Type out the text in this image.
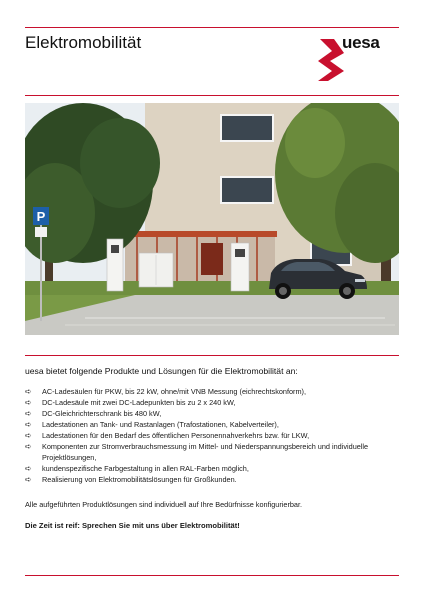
Elektromobilität	uesa
P
uesa bietet folgende Produkte und Lösungen für die Elektromobilität an:
➪ AC-Ladesäulen für PKW, bis 22 kW, ohne/mit VNB Messung (eichrechtskonform),
➪ DC-Ladesäule mit zwei DC-Ladepunkten bis zu 2 x 240 kW,
➪ DC-Gleichrichterschrank bis 480 kW,
➪ Ladestationen an Tank- und Rastanlagen (Trafostationen, Kabelverteiler),
➪ Ladestationen für den Bedarf des öffentlichen Personennahverkehrs bzw. für LKW,
➪ Komponenten zur Stromverbrauchsmessung im Mittel- und Niederspannungsbereich und individuelle Projektlösungen,
➪ kundenspezifische Farbgestaltung in allen RAL-Farben möglich,
➪ Realisierung von Elektromobilitätslösungen für Großkunden.
Alle aufgeführten Produktlösungen sind individuell auf Ihre Bedürfnisse konfigurierbar.
Die Zeit ist reif: Sprechen Sie mit uns über Elektromobilität!
